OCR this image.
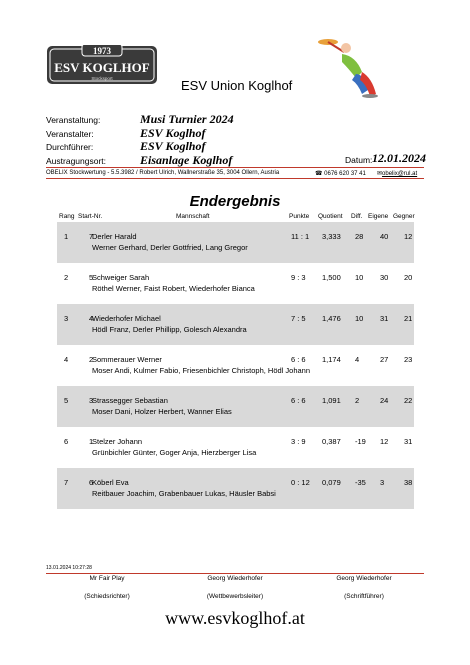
1973
ESV KOGLHOF
Stocksport	ESV Union Koglhof
Veranstaltung:	Musi Turnier 2024
Veranstalter:	ESV Koglhof
Durchführer:	ESV Koglhof
Austragungsort:	Eisanlage Koglhof	Datum: 12.01.2024
OBELIX Stockwertung - 5.5.3982 / Robert Ulrich, Wallnerstraße 35, 3004 Ollern, Austria	☎ 0676 620 37 41 ✉obelix@rul.at
Endergebnis
Rang Start-Nr.	Mannschaft	Punkte Quotient Diff. Eigene Gegner
1	7	11 : 1 3,333 28 40 12
Derler Harald
Werner Gerhard, Derler Gottfried, Lang Gregor
2	5	9 : 3 1,500 10 30 20
Schweiger Sarah
Röthel Werner, Faist Robert, Wiederhofer Bianca
3	4	7 : 5 1,476 10 31 21
Wiederhofer Michael
Hödl Franz, Derler Phillipp, Golesch Alexandra
4	2	6 : 6 1,174 4	27 23
Sommerauer Werner
Moser Andi, Kulmer Fabio, Friesenbichler Christoph, Hödl Johann
5	3	6 : 6 1,091 2	24 22
Strassegger Sebastian
Moser Dani, Holzer Herbert, Wanner Elias
6	1	3 : 9 0,387 -19 12 31
Stelzer Johann
Grünbichler Günter, Goger Anja, Hierzberger Lisa
7	6	0 : 12 0,079 -35 3	38
Köberl Eva
Reitbauer Joachim, Grabenbauer Lukas, Häusler Babsi
13.01.2024 10:27:28
Mr Fair Play
(Schiedsrichter)
Georg Wiederhofer
(Wettbewerbsleiter)
Georg Wiederhofer
(Schriftführer)
www.esvkoglhof.at
